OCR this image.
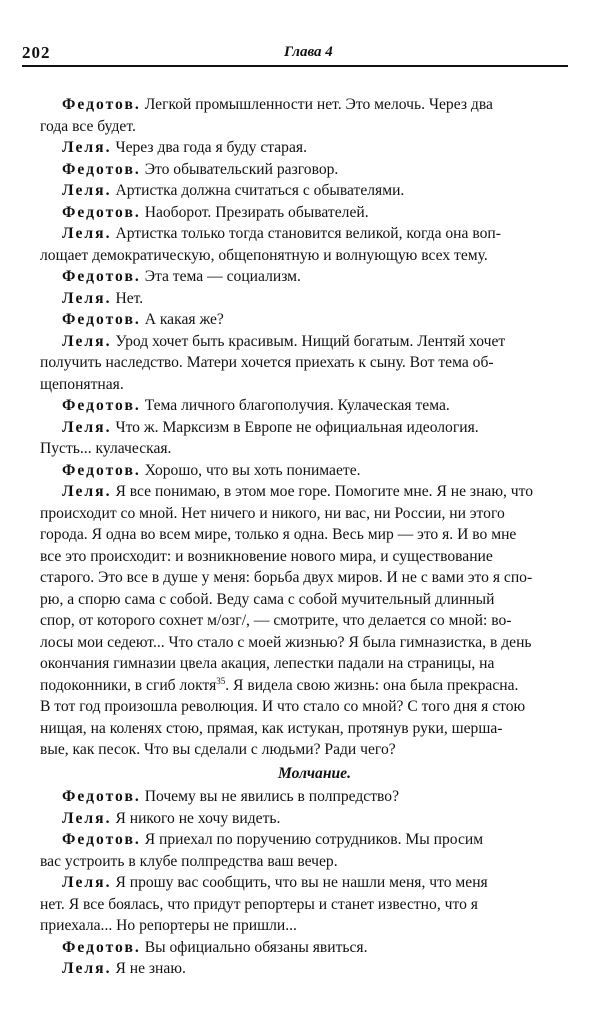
202	Глава 4
Федотов. Легкой промышленности нет. Это мелочь. Через два
года все будет.
Леля. Через два года я буду старая.
Федотов. Это обывательский разговор.
Леля. Артистка должна считаться с обывателями.
Федотов. Наоборот. Презирать обывателей.
Леля. Артистка только тогда становится великой, когда она воп-
лощает демократическую, общепонятную и волнующую всех тему.
Федотов. Эта тема — социализм.
Леля. Нет.
Федотов. А какая же?
Леля. Урод хочет быть красивым. Нищий богатым. Лентяй хочет
получить наследство. Матери хочется приехать к сыну. Вот тема об-
щепонятная.
Федотов. Тема личного благополучия. Кулаческая тема.
Леля. Что ж. Марксизм в Европе не официальная идеология.
Пусть... кулаческая.
Федотов. Хорошо, что вы хоть понимаете.
Леля. Я все понимаю, в этом мое горе. Помогите мне. Я не знаю, что
происходит со мной. Нет ничего и никого, ни вас, ни России, ни этого
города. Я одна во всем мире, только я одна. Весь мир — это я. И во мне
все это происходит: и возникновение нового мира, и существование
старого. Это все в душе у меня: борьба двух миров. И не с вами это я спо-
рю, а спорю сама с собой. Веду сама с собой мучительный длинный
спор, от которого сохнет м/озг/, — смотрите, что делается со мной: во-
лосы мои седеют... Что стало с моей жизнью? Я была гимназистка, в день
окончания гимназии цвела акация, лепестки падали на страницы, на
подоконники, в сгиб локтя$^{35}$. Я видела свою жизнь: она была прекрасна.
В тот год произошла революция. И что стало со мной? С того дня я стою
нищая, на коленях стою, прямая, как истукан, протянув руки, шерша-
вые, как песок. Что вы сделали с людьми? Ради чего?
Молчание.
Федотов. Почему вы не явились в полпредство?
Леля. Я никого не хочу видеть.
Федотов. Я приехал по поручению сотрудников. Мы просим
вас устроить в клубе полпредства ваш вечер.
Леля. Я прошу вас сообщить, что вы не нашли меня, что меня
нет. Я все боялась, что придут репортеры и станет известно, что я
приехала... Но репортеры не пришли...
Федотов. Вы официально обязаны явиться.
Леля. Я не знаю.
